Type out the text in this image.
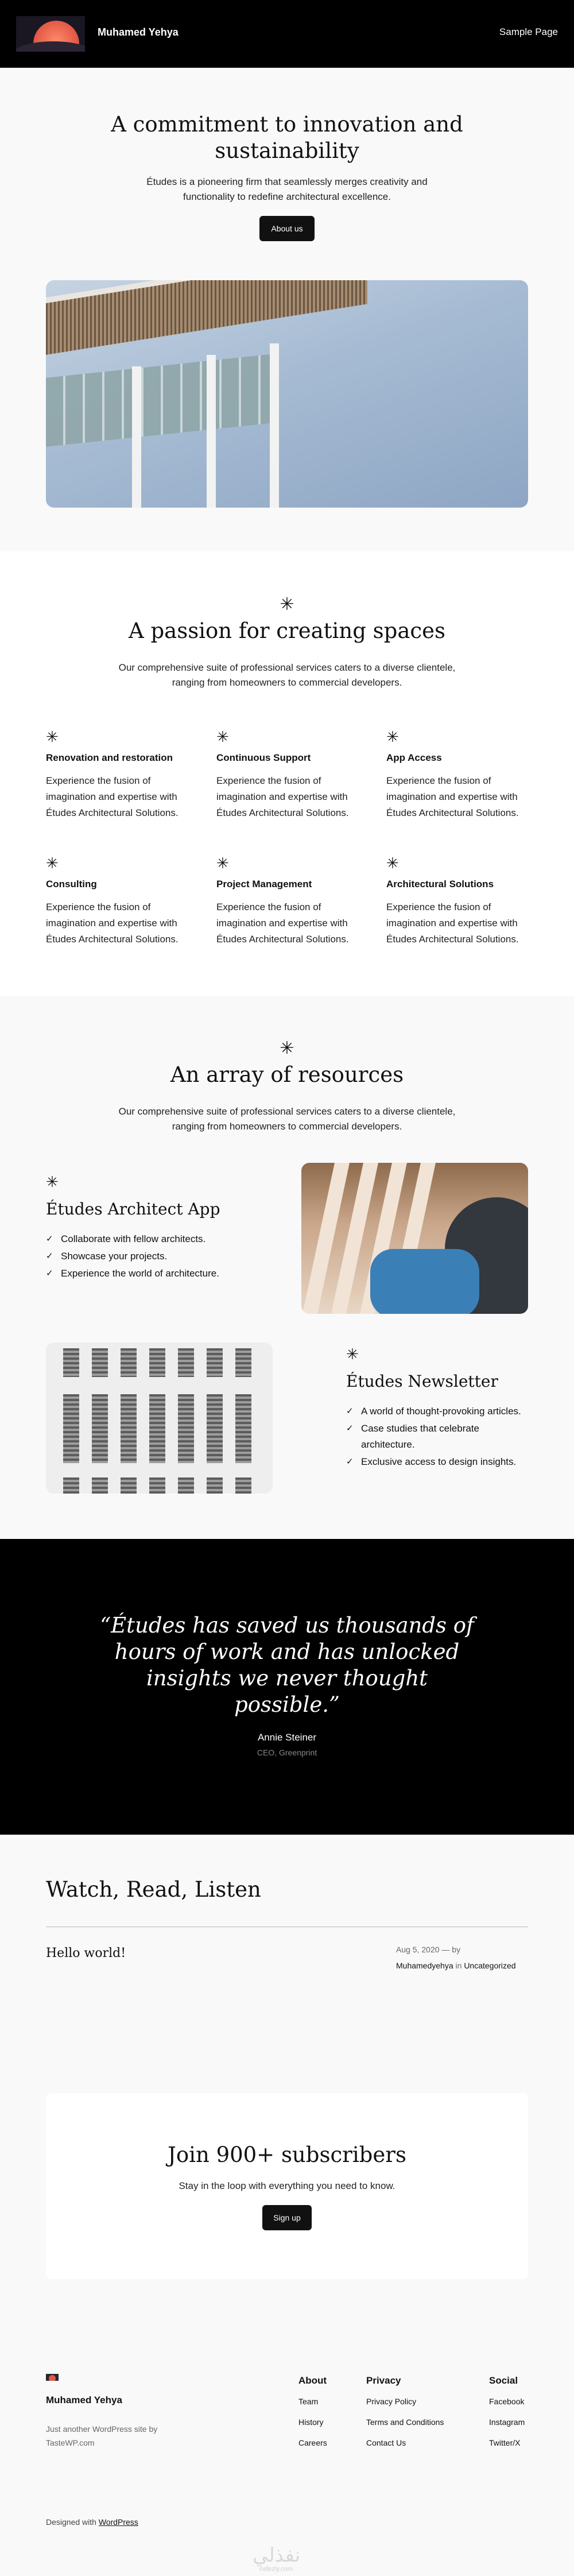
Muhamed Yehya	Sample Page
A commitment to innovation and sustainability

Études is a pioneering firm that seamlessly merges creativity and functionality to redefine architectural excellence.

About us
✳
A passion for creating spaces

Our comprehensive suite of professional services caters to a diverse clientele, ranging from homeowners to commercial developers.

✳
Renovation and restoration

Experience the fusion of imagination and expertise with Études Architectural Solutions.

✳
Continuous Support

Experience the fusion of imagination and expertise with Études Architectural Solutions.

✳
App Access

Experience the fusion of imagination and expertise with Études Architectural Solutions.

✳
Consulting

Experience the fusion of imagination and expertise with Études Architectural Solutions.

✳
Project Management

Experience the fusion of imagination and expertise with Études Architectural Solutions.

✳
Architectural Solutions

Experience the fusion of imagination and expertise with Études Architectural Solutions.

✳
An array of resources

Our comprehensive suite of professional services caters to a diverse clientele, ranging from homeowners to commercial developers.

✳
Études Architect App
✓ Collaborate with fellow architects.
✓ Showcase your projects.
✓ Experience the world of architecture.
✳
Études Newsletter
✓ A world of thought-provoking articles.
✓ Case studies that celebrate architecture.
✓ Exclusive access to design insights.
“Études has saved us thousands of hours of work and has unlocked insights we never thought possible.”
Annie Steiner
CEO, Greenprint
Watch, Read, Listen
Hello world!	Aug 5, 2020 — by
Muhamedyehya in Uncategorized
Join 900+ subscribers

Stay in the loop with everything you need to know.

Sign up
Muhamed Yehya

Just another WordPress site by TasteWP.com

About
Team
History
Careers
Privacy
Privacy Policy
Terms and Conditions
Contact Us
Social
Facebook
Instagram
Twitter/X
Designed with WordPress
نفذلي
nafezly.com
